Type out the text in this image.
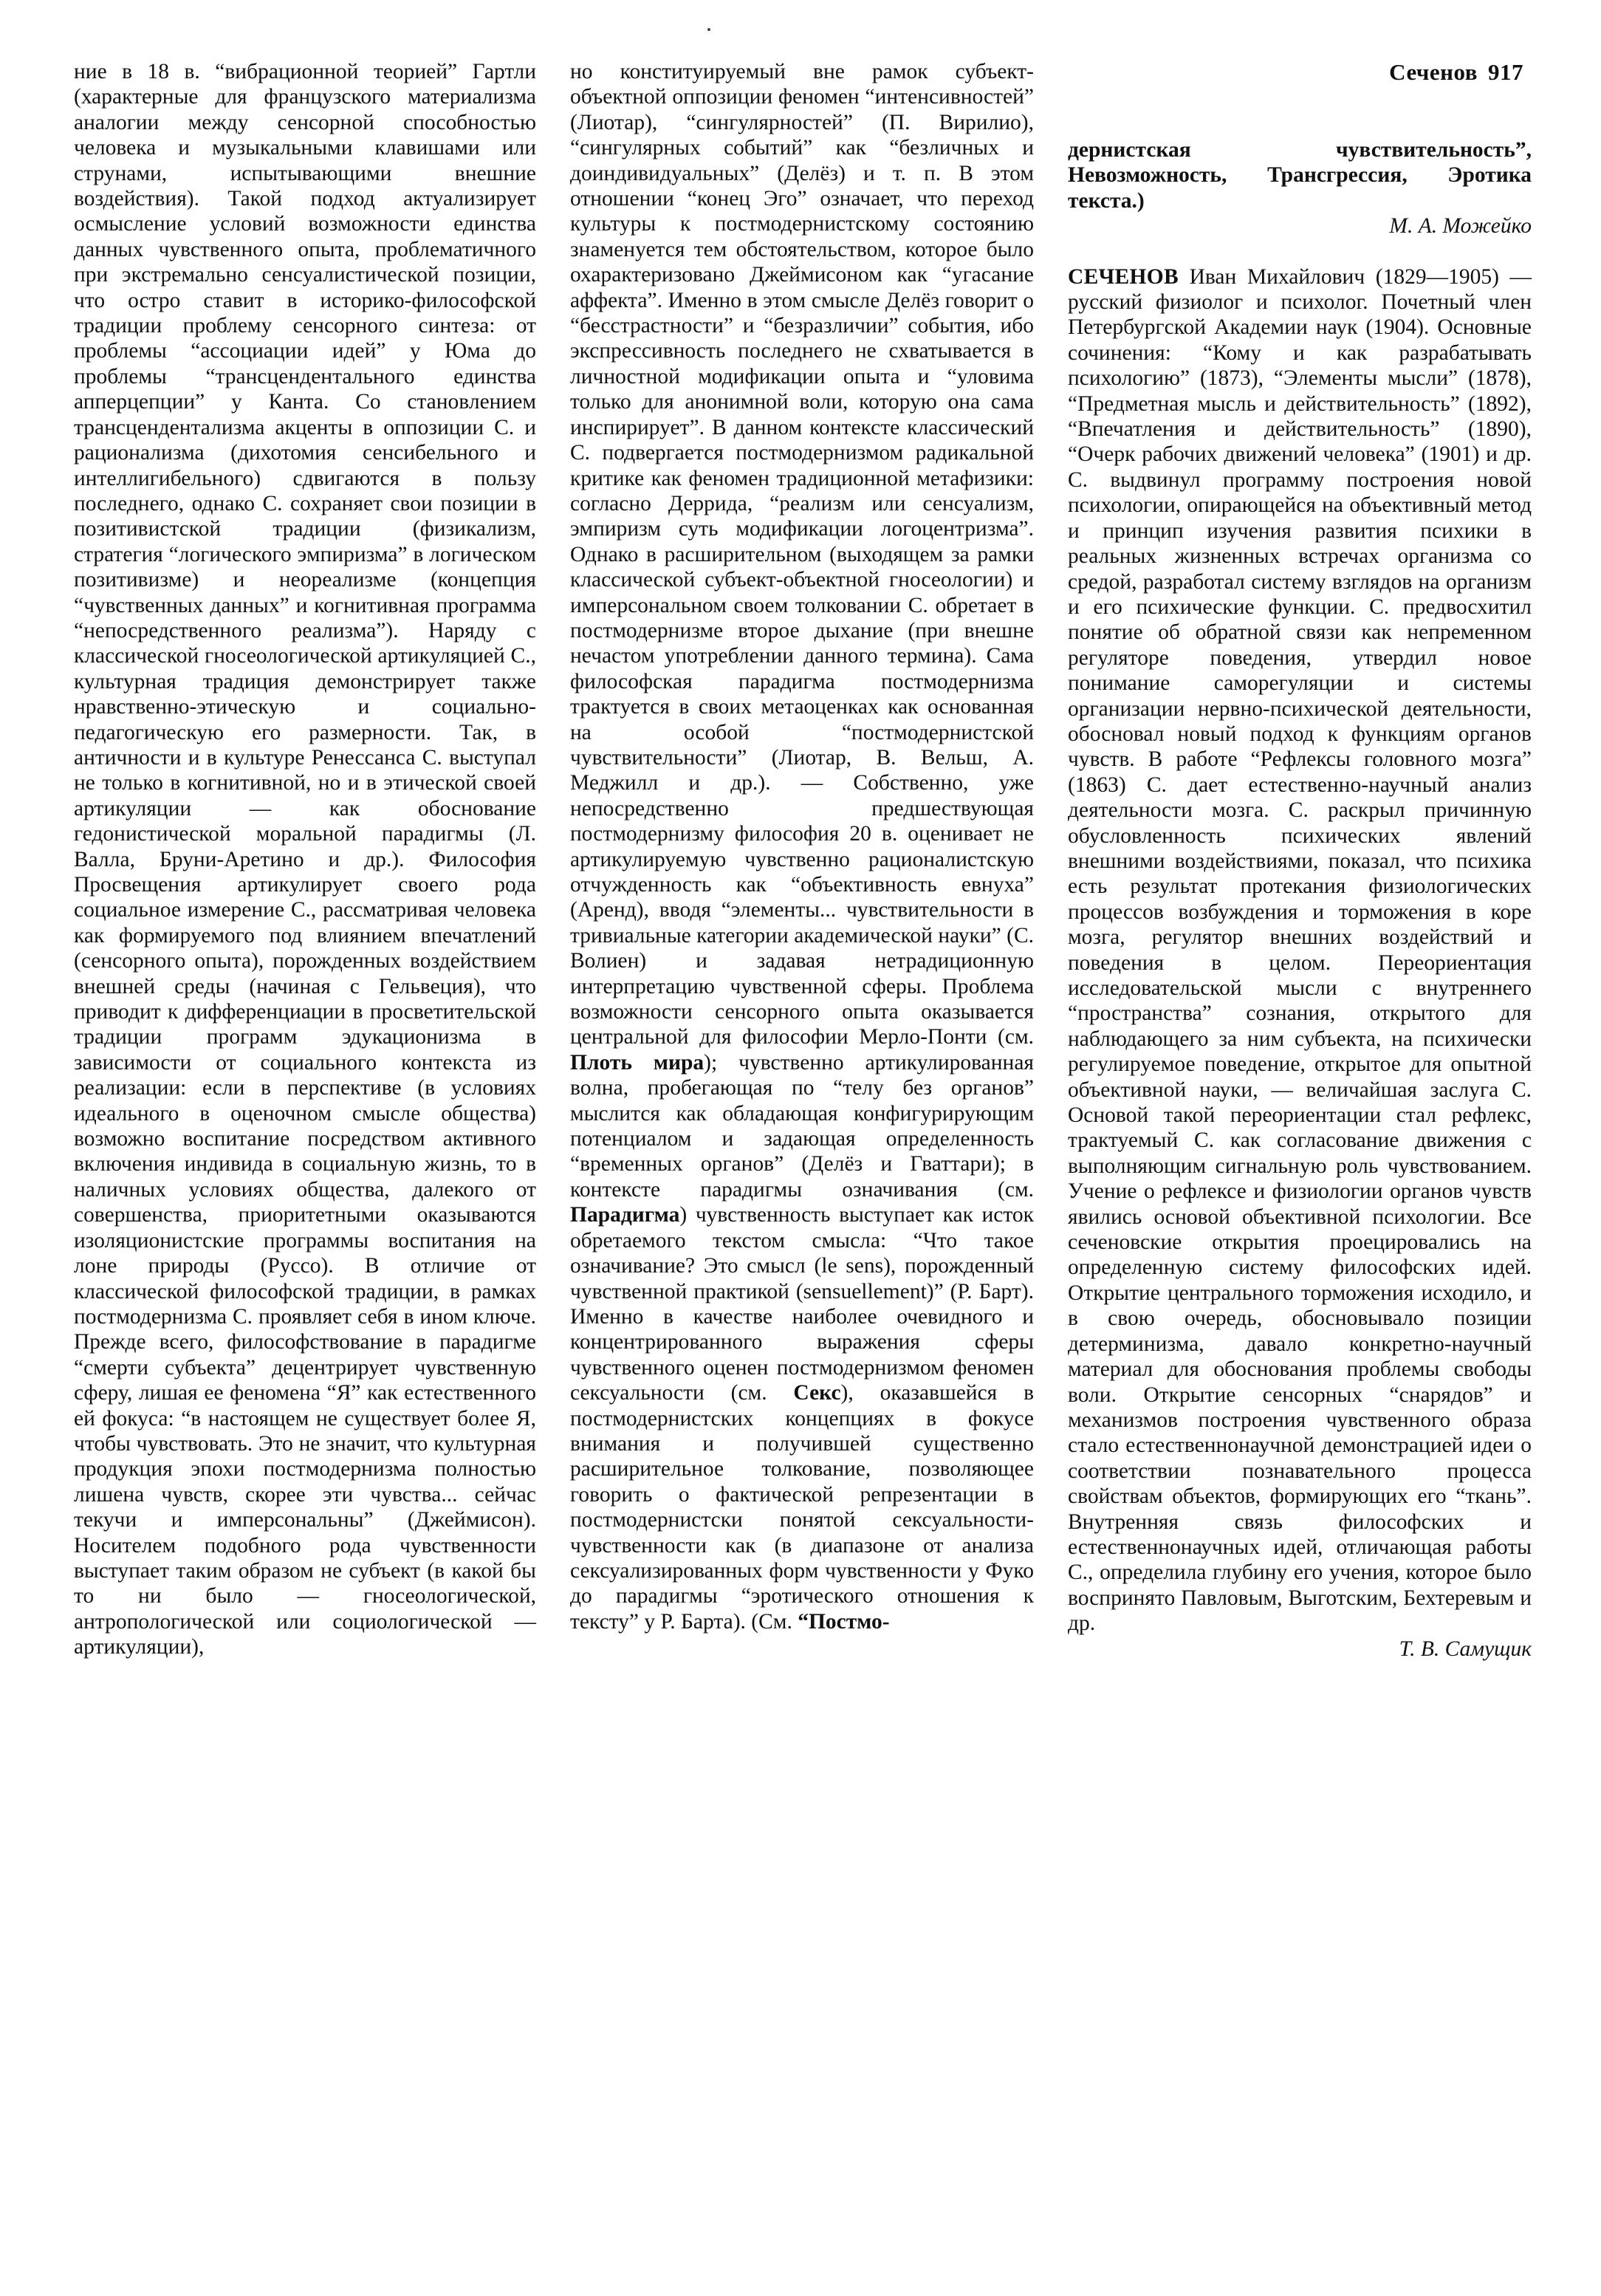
Сеченов 917

ние в 18 в. “вибрационной теорией” Гартли (характерные для французского материализма аналогии между сенсорной способностью человека и музыкальными клавишами или струнами, испытывающими внешние воздействия). Такой подход актуализирует осмысление условий возможности единства данных чувственного опыта, проблематичного при экстремально сенсуалистической позиции, что остро ставит в историко-философской традиции проблему сенсорного синтеза: от проблемы “ассоциации идей” у Юма до проблемы “трансцендентального единства апперцепции” у Канта. Со становлением трансцендентализма акценты в оппозиции С. и рационализма (дихотомия сенсибельного и интеллигибельного) сдвигаются в пользу последнего, однако С. сохраняет свои позиции в позитивистской традиции (физикализм, стратегия “логического эмпиризма” в логическом позитивизме) и неореализме (концепция “чувственных данных” и когнитивная программа “непосредственного реализма”). Наряду с классической гносеологической артикуляцией С., культурная традиция демонстрирует также нравственно-этическую и социально-педагогическую его размерности. Так, в античности и в культуре Ренессанса С. выступал не только в когнитивной, но и в этической своей артикуляции — как обоснование гедонистической моральной парадигмы (Л. Валла, Бруни-Аретино и др.). Философия Просвещения артикулирует своего рода социальное измерение С., рассматривая человека как формируемого под влиянием впечатлений (сенсорного опыта), порожденных воздействием внешней среды (начиная с Гельвеция), что приводит к дифференциации в просветительской традиции программ эдукационизма в зависимости от социального контекста из реализации: если в перспективе (в условиях идеального в оценочном смысле общества) возможно воспитание посредством активного включения индивида в социальную жизнь, то в наличных условиях общества, далекого от совершенства, приоритетными оказываются изоляционистские программы воспитания на лоне природы (Руссо). В отличие от классической философской традиции, в рамках постмодернизма С. проявляет себя в ином ключе. Прежде всего, философствование в парадигме “смерти субъекта” децентрирует чувственную сферу, лишая ее феномена “Я” как естественного ей фокуса: “в настоящем не существует более Я, чтобы чувствовать. Это не значит, что культурная продукция эпохи постмодернизма полностью лишена чувств, скорее эти чувства... сейчас текучи и имперсональны” (Джеймисон). Носителем подобного рода чувственности выступает таким образом не субъект (в какой бы то ни было — гносеологической, антропологической или социологической — артикуляции),

но конституируемый вне рамок субъект-объектной оппозиции феномен “интенсивностей” (Лиотар), “сингулярностей” (П. Вирилио), “сингулярных событий” как “безличных и доиндивидуальных” (Делёз) и т. п. В этом отношении “конец Эго” означает, что переход культуры к постмодернистскому состоянию знаменуется тем обстоятельством, которое было охарактеризовано Джеймисоном как “угасание аффекта”. Именно в этом смысле Делёз говорит о “бесстрастности” и “безразличии” события, ибо экспрессивность последнего не схватывается в личностной модификации опыта и “уловима только для анонимной воли, которую она сама инспирирует”. В данном контексте классический С. подвергается постмодернизмом радикальной критике как феномен традиционной метафизики: согласно Деррида, “реализм или сенсуализм, эмпиризм суть модификации логоцентризма”. Однако в расширительном (выходящем за рамки классической субъект-объектной гносеологии) и имперсональном своем толковании С. обретает в постмодернизме второе дыхание (при внешне нечастом употреблении данного термина). Сама философская парадигма постмодернизма трактуется в своих метаоценках как основанная на особой “постмодернистской чувствительности” (Лиотар, В. Вельш, А. Меджилл и др.). — Собственно, уже непосредственно предшествующая постмодернизму философия 20 в. оценивает не артикулируемую чувственно рационалистскую отчужденность как “объективность евнуха” (Аренд), вводя “элементы... чувствительности в тривиальные категории академической науки” (С. Волиен) и задавая нетрадиционную интерпретацию чувственной сферы. Проблема возможности сенсорного опыта оказывается центральной для философии Мерло-Понти (см. Плоть мира); чувственно артикулированная волна, пробегающая по “телу без органов” мыслится как обладающая конфигурирующим потенциалом и задающая определенность “временных органов” (Делёз и Гваттари); в контексте парадигмы означивания (см. Парадигма) чувственность выступает как исток обретаемого текстом смысла: “Что такое означивание? Это смысл (le sens), порожденный чувственной практикой (sensuellement)” (Р. Барт). Именно в качестве наиболее очевидного и концентрированного выражения сферы чувственного оценен постмодернизмом феномен сексуальности (см. Секс), оказавшейся в постмодернистских концепциях в фокусе внимания и получившей существенно расширительное толкование, позволяющее говорить о фактической репрезентации в постмодернистски понятой сексуальности-чувственности как (в диапазоне от анализа сексуализированных форм чувственности у Фуко до парадигмы “эротического отношения к тексту” у Р. Барта). (См. “Постмо-

дернистская чувствительность”, Невозможность, Трансгрессия, Эротика текста.)

М. А. Можейко

СЕЧЕНОВ Иван Михайлович (1829—1905) — русский физиолог и психолог. Почетный член Петербургской Академии наук (1904). Основные сочинения: “Кому и как разрабатывать психологию” (1873), “Элементы мысли” (1878), “Предметная мысль и действительность” (1892), “Впечатления и действительность” (1890), “Очерк рабочих движений человека” (1901) и др. С. выдвинул программу построения новой психологии, опирающейся на объективный метод и принцип изучения развития психики в реальных жизненных встречах организма со средой, разработал систему взглядов на организм и его психические функции. С. предвосхитил понятие об обратной связи как непременном регуляторе поведения, утвердил новое понимание саморегуляции и системы организации нервно-психической деятельности, обосновал новый подход к функциям органов чувств. В работе “Рефлексы головного мозга” (1863) С. дает естественно-научный анализ деятельности мозга. С. раскрыл причинную обусловленность психических явлений внешними воздействиями, показал, что психика есть результат протекания физиологических процессов возбуждения и торможения в коре мозга, регулятор внешних воздействий и поведения в целом. Переориентация исследовательской мысли с внутреннего “пространства” сознания, открытого для наблюдающего за ним субъекта, на психически регулируемое поведение, открытое для опытной объективной науки, — величайшая заслуга С. Основой такой переориентации стал рефлекс, трактуемый С. как согласование движения с выполняющим сигнальную роль чувствованием. Учение о рефлексе и физиологии органов чувств явились основой объективной психологии. Все сеченовские открытия проецировались на определенную систему философских идей. Открытие центрального торможения исходило, и в свою очередь, обосновывало позиции детерминизма, давало конкретно-научный материал для обоснования проблемы свободы воли. Открытие сенсорных “снарядов” и механизмов построения чувственного образа стало естественнонаучной демонстрацией идеи о соответствии познавательного процесса свойствам объектов, формирующих его “ткань”. Внутренняя связь философских и естественнонаучных идей, отличающая работы С., определила глубину его учения, которое было воспринято Павловым, Выготским, Бехтеревым и др.

Т. В. Самущик
